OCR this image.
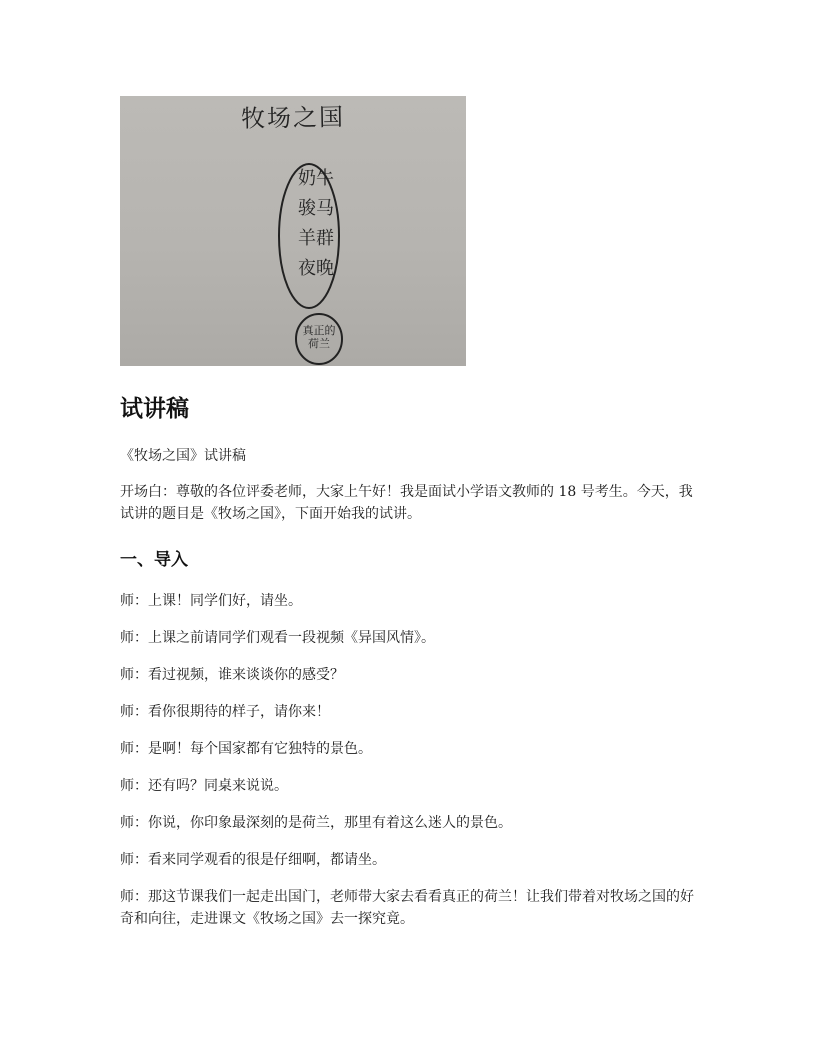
牧场之国
奶牛
骏马
羊群
夜晚
真正的
荷兰
试讲稿

《牧场之国》试讲稿

开场白：尊敬的各位评委老师，大家上午好！我是面试小学语文教师的 18 号考生。今天，我试讲的题目是《牧场之国》，下面开始我的试讲。

一、导入

师：上课！同学们好，请坐。

师：上课之前请同学们观看一段视频《异国风情》。

师：看过视频，谁来谈谈你的感受？

师：看你很期待的样子，请你来！

师：是啊！每个国家都有它独特的景色。

师：还有吗？同桌来说说。

师：你说，你印象最深刻的是荷兰，那里有着这么迷人的景色。

师：看来同学观看的很是仔细啊，都请坐。

师：那这节课我们一起走出国门，老师带大家去看看真正的荷兰！让我们带着对牧场之国的好奇和向往，走进课文《牧场之国》去一探究竟。
